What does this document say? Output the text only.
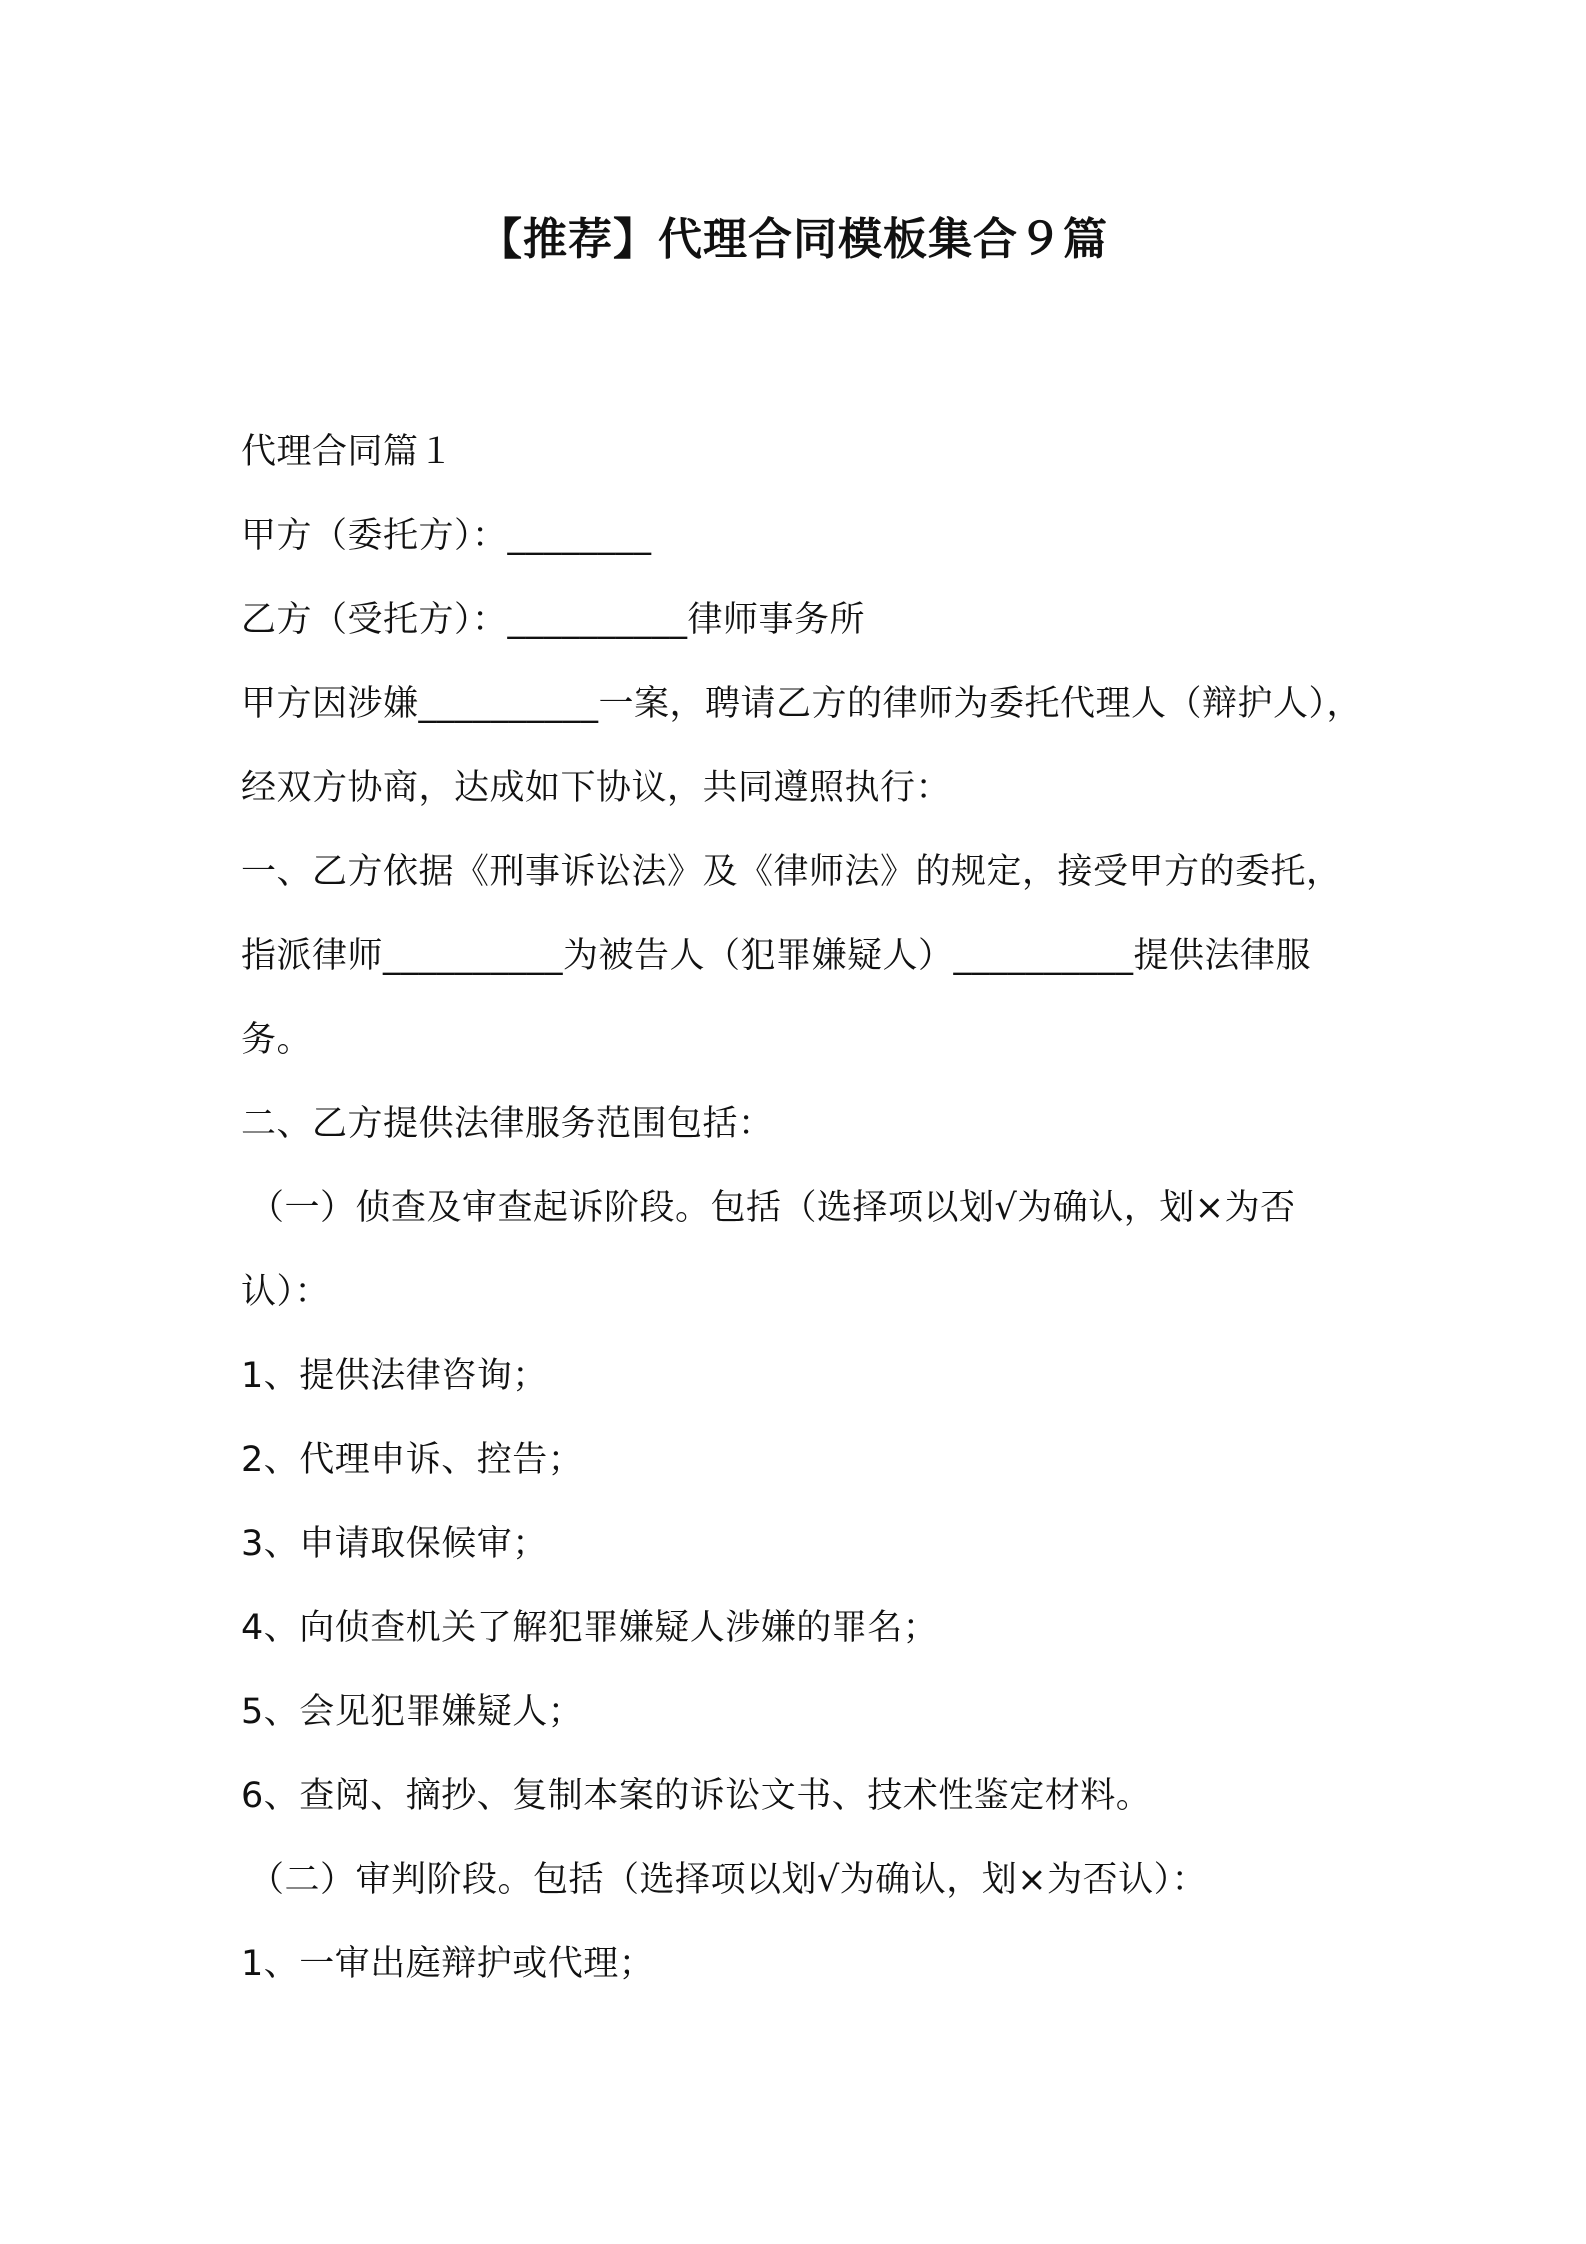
【推荐】代理合同模板集合９篇
代理合同篇１
甲方（委托方）：________
乙方（受托方）：__________律师事务所
甲方因涉嫌__________一案，聘请乙方的律师为委托代理人（辩护人），
经双方协商，达成如下协议，共同遵照执行：
一、乙方依据《刑事诉讼法》及《律师法》的规定，接受甲方的委托，
指派律师__________为被告人（犯罪嫌疑人）__________提供法律服
务。
二、乙方提供法律服务范围包括：
（一）侦查及审查起诉阶段。包括（选择项以划√为确认，划×为否
认）：
1、提供法律咨询；
2、代理申诉、控告；
3、申请取保候审；
4、向侦查机关了解犯罪嫌疑人涉嫌的罪名；
5、会见犯罪嫌疑人；
6、查阅、摘抄、复制本案的诉讼文书、技术性鉴定材料。
（二）审判阶段。包括（选择项以划√为确认，划×为否认）：
1、一审出庭辩护或代理；
